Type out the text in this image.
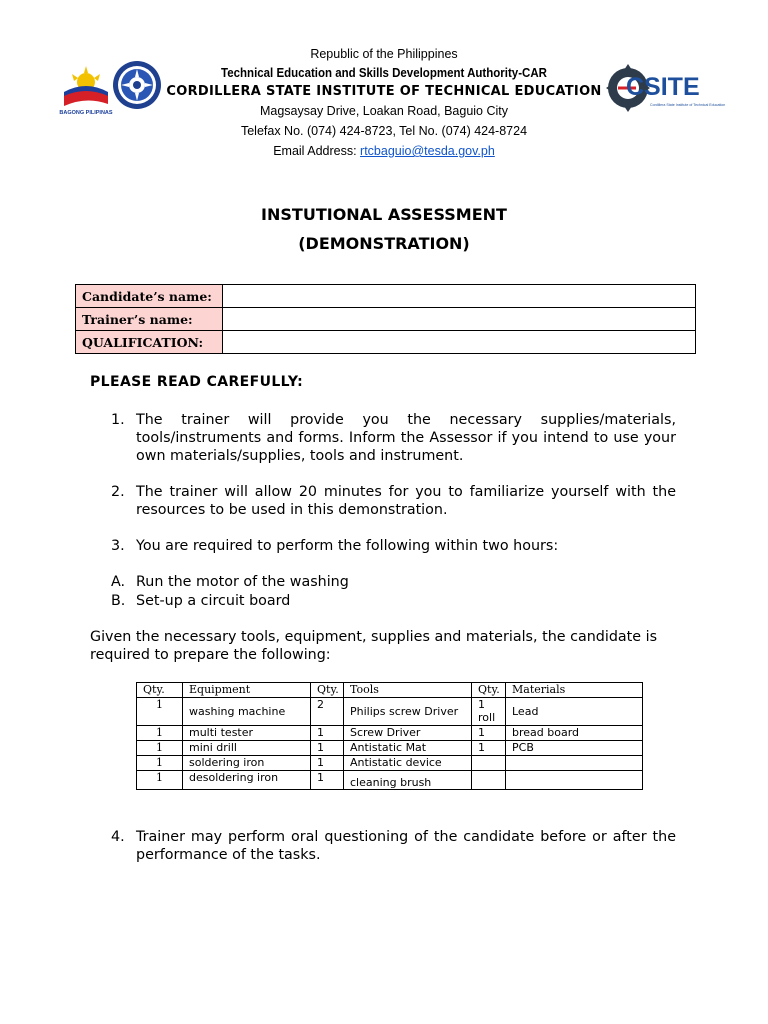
BAGONG PILIPINAS
CSITE
Cordillera State Institute of Technical Education
Republic of the Philippines
Technical Education and Skills Development Authority-CAR
CORDILLERA STATE INSTITUTE OF TECHNICAL EDUCATION
Magsaysay Drive, Loakan Road, Baguio City
Telefax No. (074) 424-8723, Tel No. (074) 424-8724
Email Address: rtcbaguio@tesda.gov.ph
INSTUTIONAL ASSESSMENT
(DEMONSTRATION)
Candidate’s name:	
Trainer’s name:	
QUALIFICATION:	
PLEASE READ CAREFULLY:
1. The trainer will provide you the necessary supplies/materials, tools/instruments and forms. Inform the Assessor if you intend to use your own materials/supplies, tools and instrument.
2. The trainer will allow 20 minutes for you to familiarize yourself with the resources to be used in this demonstration.
3. You are required to perform the following within two hours:
A. Run the motor of the washing
B. Set-up a circuit board
Given the necessary tools, equipment, supplies and materials, the candidate is required to prepare the following:
Qty.	Equipment	Qty.	Tools	Qty.	Materials
1	washing machine	2	Philips screw Driver	1 roll	Lead
1	multi tester	1	Screw Driver	1	bread board
1	mini drill	1	Antistatic Mat	1	PCB
1	soldering iron	1	Antistatic device		
1	desoldering iron	1	cleaning brush		
4. Trainer may perform oral questioning of the candidate before or after the performance of the tasks.
